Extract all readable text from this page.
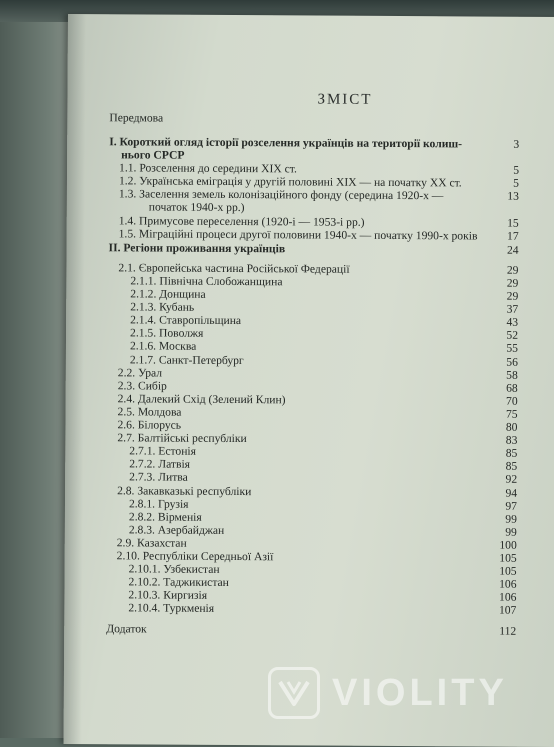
ЗМІСТ
Передмова
I. Короткий огляд історії розселення українців на території колиш-	3
нього СРСР
1.1. Розселення до середини XIX ст.	5
1.2. Українська еміграція у другій половині XIX — на початку XX ст.	5
1.3. Заселення земель колонізаційного фонду (середина 1920-х —	13
початок 1940-х рр.)
1.4. Примусове переселення (1920-і — 1953-і рр.)	15
1.5. Міграційні процеси другої половини 1940-х — початку 1990-х років	17
II. Регіони проживання українців	24
2.1. Європейська частина Російської Федерації	29
2.1.1. Північна Слобожанщина	29
2.1.2. Донщина	29
2.1.3. Кубань	37
2.1.4. Ставропільщина	43
2.1.5. Поволжя	52
2.1.6. Москва	55
2.1.7. Санкт-Петербург	56
2.2. Урал	58
2.3. Сибір	68
2.4. Далекий Схід (Зелений Клин)	70
2.5. Молдова	75
2.6. Білорусь	80
2.7. Балтійські республіки	83
2.7.1. Естонія	85
2.7.2. Латвія	85
2.7.3. Литва	92
2.8. Закавказькі республіки	94
2.8.1. Грузія	97
2.8.2. Вірменія	99
2.8.3. Азербайджан	99
2.9. Казахстан	100
2.10. Республіки Середньої Азії	105
2.10.1. Узбекистан	105
2.10.2. Таджикистан	106
2.10.3. Киргизія	106
2.10.4. Туркменія	107
Додаток	112
VIOLITY
